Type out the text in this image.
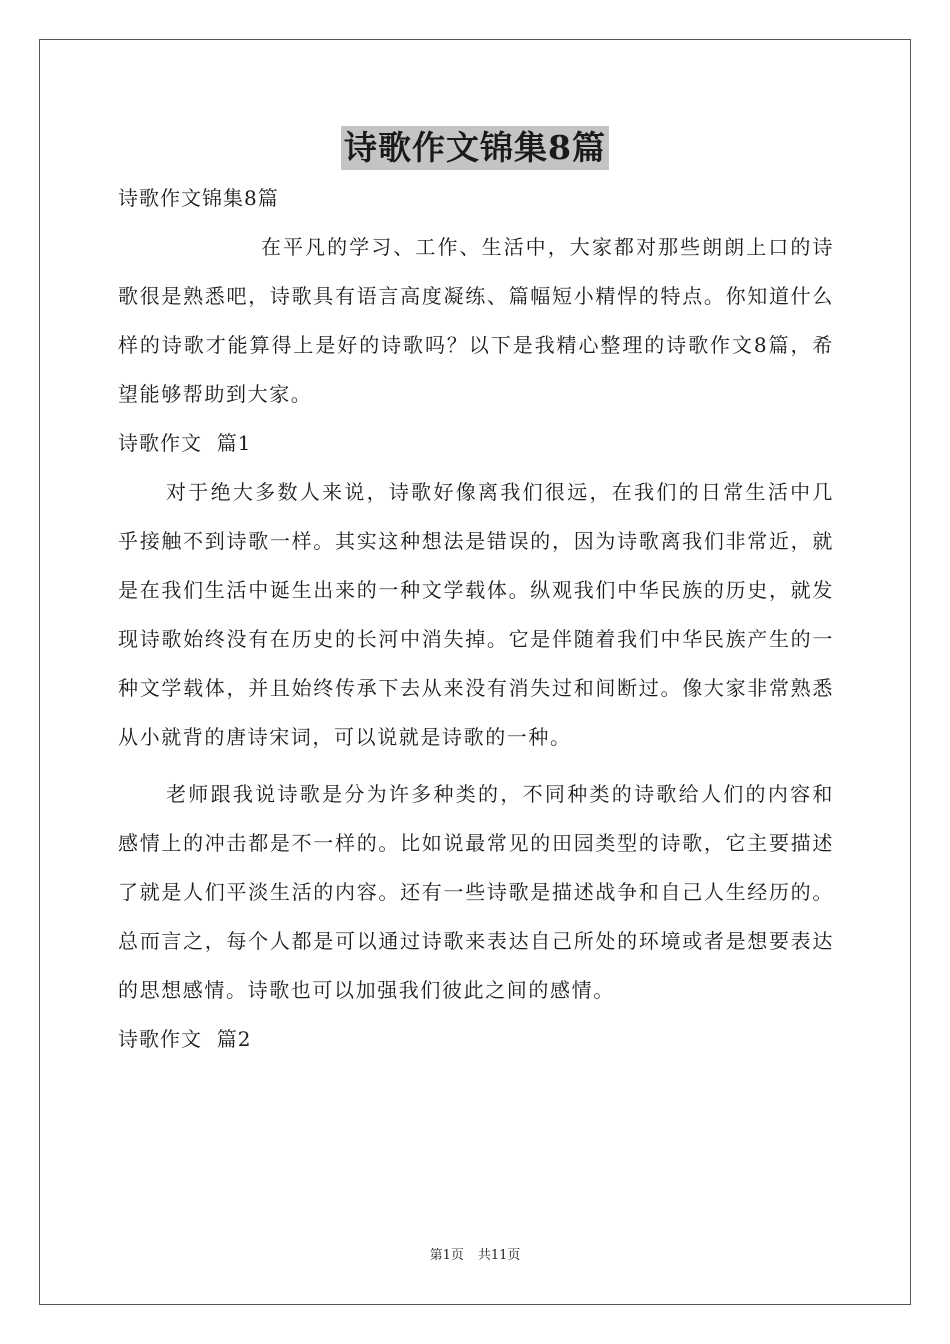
诗歌作文锦集8篇

诗歌作文锦集8篇

在平凡的学习、工作、生活中，大家都对那些朗朗上口的诗歌很是熟悉吧，诗歌具有语言高度凝练、篇幅短小精悍的特点。你知道什么样的诗歌才能算得上是好的诗歌吗？以下是我精心整理的诗歌作文8篇，希望能够帮助到大家。

诗歌作文  篇1

对于绝大多数人来说，诗歌好像离我们很远，在我们的日常生活中几乎接触不到诗歌一样。其实这种想法是错误的，因为诗歌离我们非常近，就是在我们生活中诞生出来的一种文学载体。纵观我们中华民族的历史，就发现诗歌始终没有在历史的长河中消失掉。它是伴随着我们中华民族产生的一种文学载体，并且始终传承下去从来没有消失过和间断过。像大家非常熟悉从小就背的唐诗宋词，可以说就是诗歌的一种。

老师跟我说诗歌是分为许多种类的，不同种类的诗歌给人们的内容和感情上的冲击都是不一样的。比如说最常见的田园类型的诗歌，它主要描述了就是人们平淡生活的内容。还有一些诗歌是描述战争和自己人生经历的。总而言之，每个人都是可以通过诗歌来表达自己所处的环境或者是想要表达的思想感情。诗歌也可以加强我们彼此之间的感情。

诗歌作文  篇2

第1页 共11页
